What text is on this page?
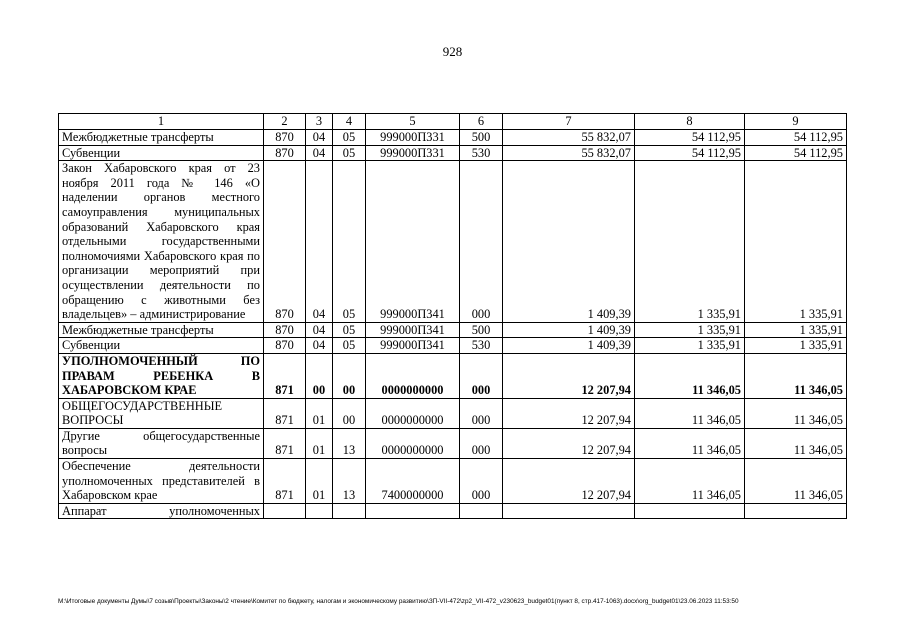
928
1	2	3	4	5	6	7	8	9
Межбюджетные трансферты	870	04	05	999000П331	500	55 832,07	54 112,95	54 112,95
Субвенции	870	04	05	999000П331	530	55 832,07	54 112,95	54 112,95
Закон Хабаровского края от 23 ноября 2011 года № 146 «О наделении органов местного самоуправления муниципальных образований Хабаровского края отдельными государственными полномочиями Хабаровского края по организации мероприятий при осуществлении деятельности по обращению с животными без владельцев» – администрирование	870	04	05	999000П341	000	1 409,39	1 335,91	1 335,91
Межбюджетные трансферты	870	04	05	999000П341	500	1 409,39	1 335,91	1 335,91
Субвенции	870	04	05	999000П341	530	1 409,39	1 335,91	1 335,91
УПОЛНОМОЧЕННЫЙ ПО ПРАВАМ РЕБЕНКА В ХАБАРОВСКОМ КРАЕ	871	00	00	0000000000	000	12 207,94	11 346,05	11 346,05
ОБЩЕГОСУДАРСТВЕННЫЕ ВОПРОСЫ	871	01	00	0000000000	000	12 207,94	11 346,05	11 346,05
Другие общегосударственные вопросы	871	01	13	0000000000	000	12 207,94	11 346,05	11 346,05
Обеспечение деятельности уполномоченных представителей в Хабаровском крае	871	01	13	7400000000	000	12 207,94	11 346,05	11 346,05
Аппарат уполномоченных								
M:\Итоговые документы Думы\7 созыв\Проекты\Законы\2 чтение\Комитет по бюджету, налогам и экономическому развитию\ЗП-VII-472\zp2_VII-472_v230623_budget01(пункт 8, стр.417-1063).docx\org_budget01\23.06.2023 11:53:50
